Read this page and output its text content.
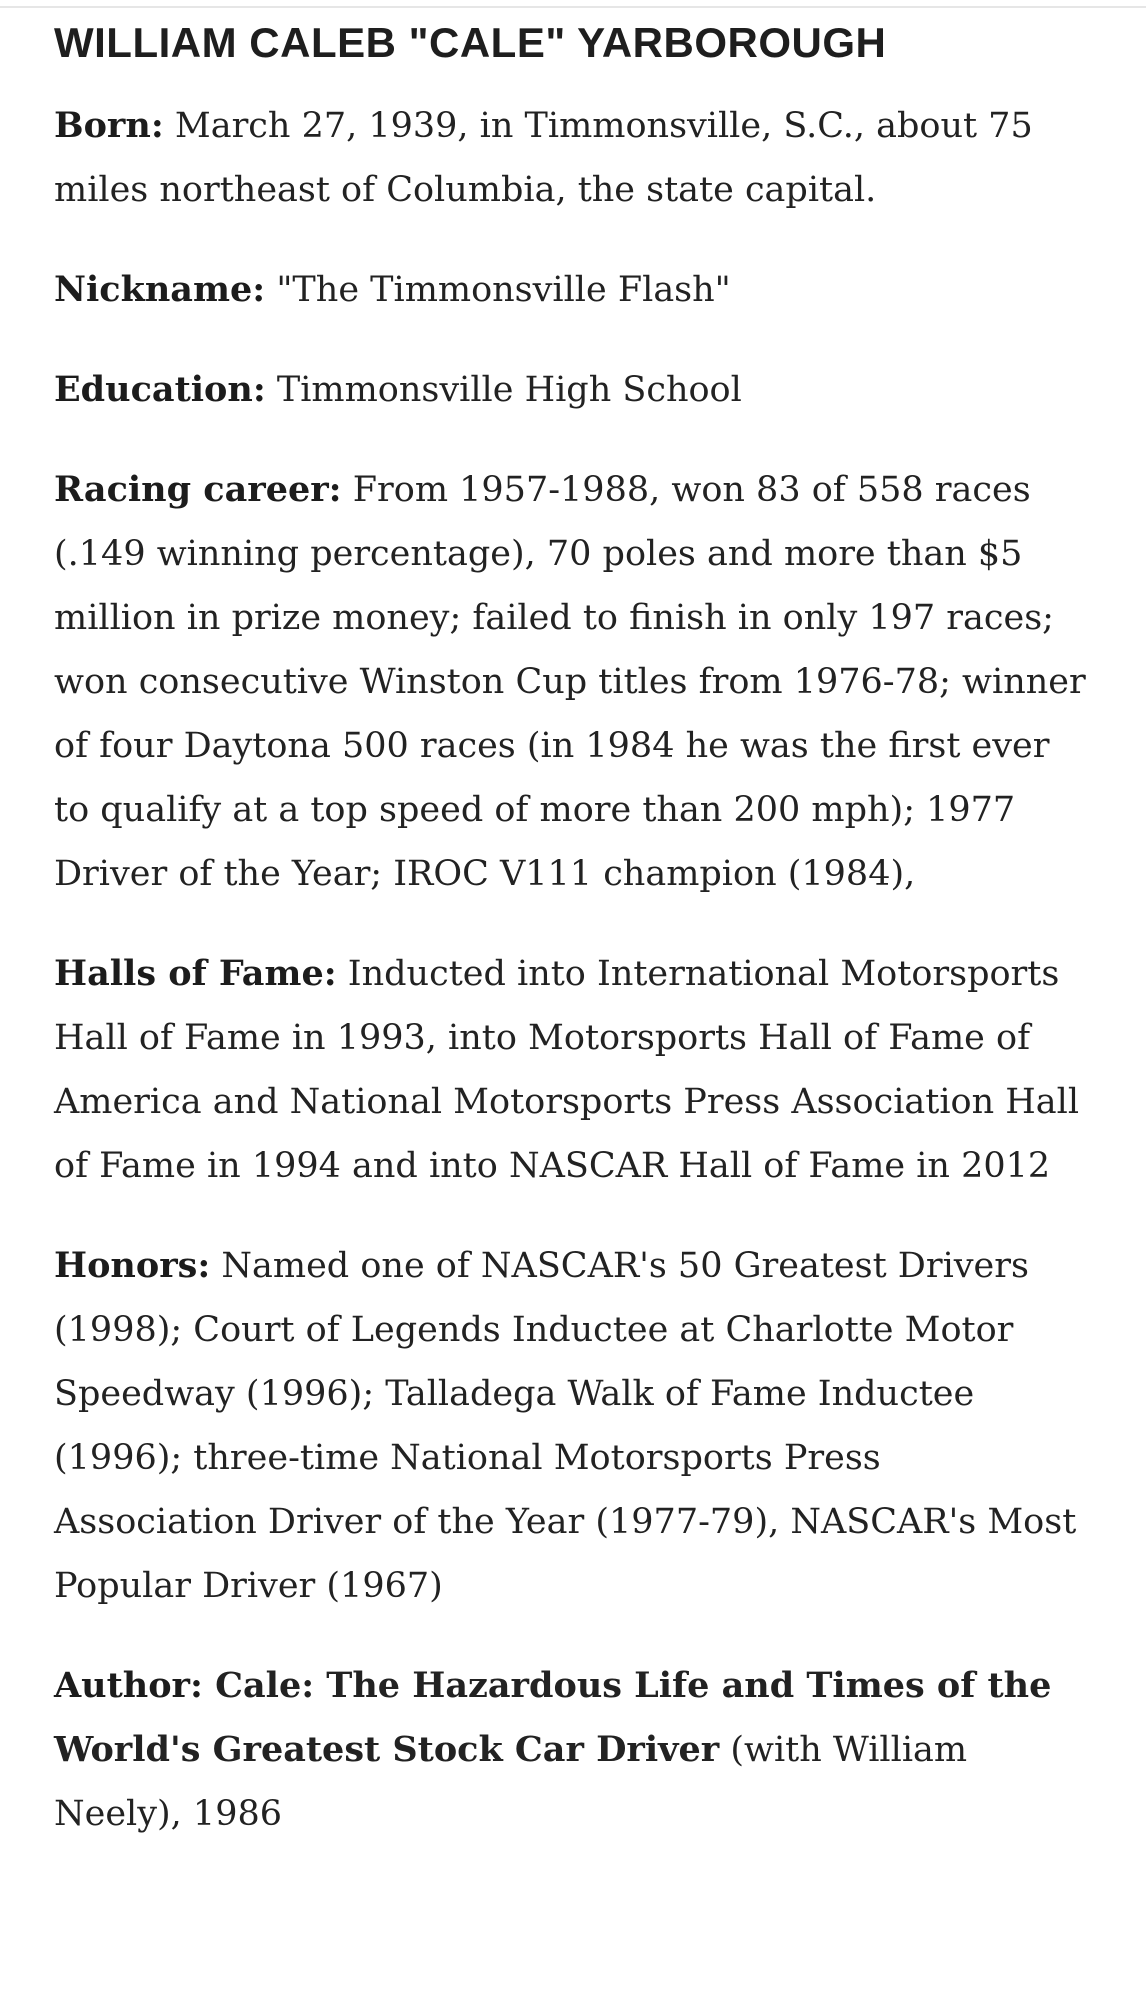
WILLIAM CALEB "CALE" YARBOROUGH

Born: March 27, 1939, in Timmonsville, S.C., about 75 miles northeast of Columbia, the state capital.

Nickname: "The Timmonsville Flash"

Education: Timmonsville High School

Racing career: From 1957-1988, won 83 of 558 races (.149 winning percentage), 70 poles and more than $5 million in prize money; failed to finish in only 197 races; won consecutive Winston Cup titles from 1976-78; winner of four Daytona 500 races (in 1984 he was the first ever to qualify at a top speed of more than 200 mph); 1977 Driver of the Year; IROC V111 champion (1984),

Halls of Fame: Inducted into International Motorsports Hall of Fame in 1993, into Motorsports Hall of Fame of America and National Motorsports Press Association Hall of Fame in 1994 and into NASCAR Hall of Fame in 2012

Honors: Named one of NASCAR's 50 Greatest Drivers (1998); Court of Legends Inductee at Charlotte Motor Speedway (1996); Talladega Walk of Fame Inductee (1996); three-time National Motorsports Press Association Driver of the Year (1977-79), NASCAR's Most Popular Driver (1967)

Author: Cale: The Hazardous Life and Times of the World's Greatest Stock Car Driver (with William Neely), 1986
